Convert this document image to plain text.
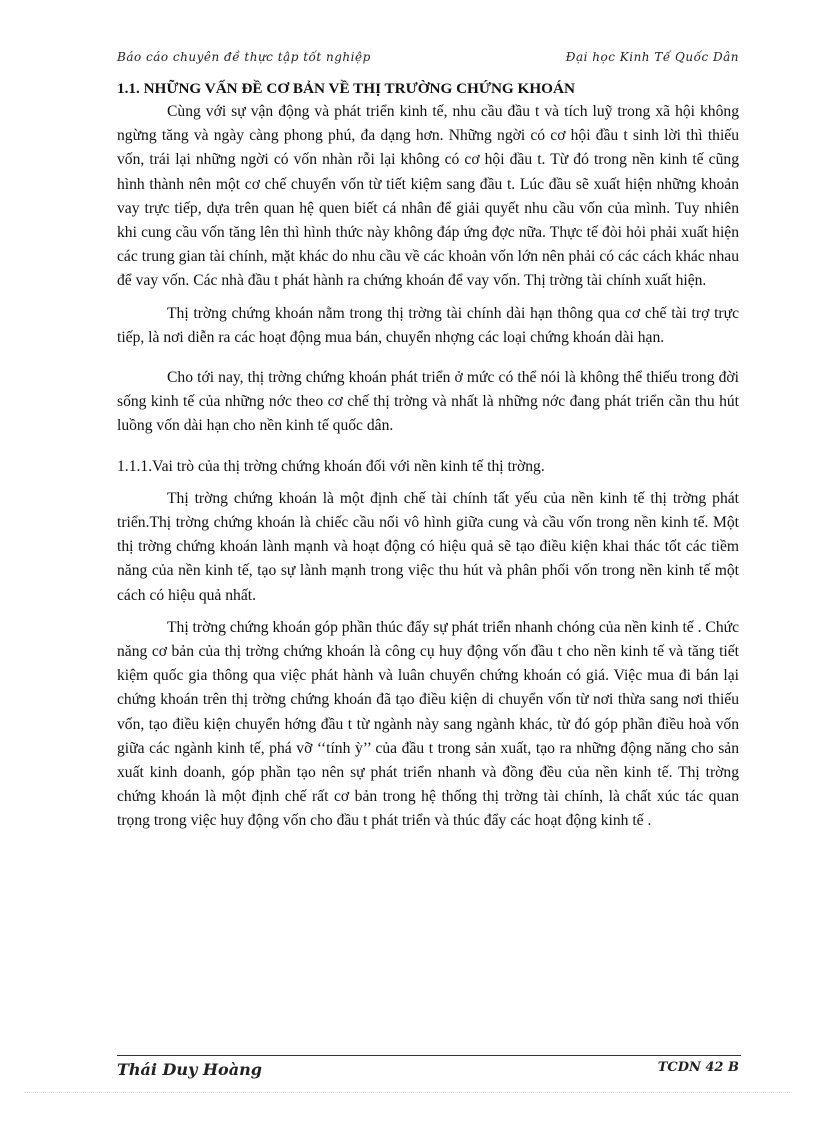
Báo cáo chuyên đề thực tập tốt nghiệp	Đại học Kinh Tế Quốc Dân

1.1. NHỮNG VẤN ĐỀ CƠ BẢN VỀ THỊ TRƯỜNG CHỨNG KHOÁN

Cùng với sự vận động và phát triển kinh tế, nhu cầu đầu t và tích luỹ trong xã hội không ngừng tăng và ngày càng phong phú, đa dạng hơn. Những ngời có cơ hội đầu t sinh lời thì thiếu vốn, trái lại những ngời có vốn nhàn rỗi lại không có cơ hội đầu t. Từ đó trong nền kinh tế cũng hình thành nên một cơ chế chuyển vốn từ tiết kiệm sang đầu t. Lúc đầu sẽ xuất hiện những khoản vay trực tiếp, dựa trên quan hệ quen biết cá nhân để giải quyết nhu cầu vốn của mình. Tuy nhiên khi cung cầu vốn tăng lên thì hình thức này không đáp ứng đợc nữa. Thực tế đòi hỏi phải xuất hiện các trung gian tài chính, mặt khác do nhu cầu về các khoản vốn lớn nên phải có các cách khác nhau để vay vốn. Các nhà đầu t phát hành ra chứng khoán để vay vốn. Thị trờng tài chính xuất hiện.

Thị trờng chứng khoán nằm trong thị trờng tài chính dài hạn thông qua cơ chế tài trợ trực tiếp, là nơi diễn ra các hoạt động mua bán, chuyển nhợng các loại chứng khoán dài hạn.

Cho tới nay, thị trờng chứng khoán phát triển ở mức có thể nói là không thể thiếu trong đời sống kinh tế của những nớc theo cơ chế thị trờng và nhất là những nớc đang phát triển cần thu hút luồng vốn dài hạn cho nền kinh tế quốc dân.

1.1.1.Vai trò của thị trờng chứng khoán đối với nền kinh tế thị trờng.

Thị trờng chứng khoán là một định chế tài chính tất yếu của nền kinh tế thị trờng phát triển.Thị trờng chứng khoán là chiếc cầu nối vô hình giữa cung và cầu vốn trong nền kinh tế. Một thị trờng chứng khoán lành mạnh và hoạt động có hiệu quả sẽ tạo điều kiện khai thác tốt các tiềm năng của nền kinh tế, tạo sự lành mạnh trong việc thu hút và phân phối vốn trong nền kinh tế một cách có hiệu quả nhất.

Thị trờng chứng khoán góp phần thúc đẩy sự phát triển nhanh chóng của nền kinh tế . Chức năng cơ bản của thị trờng chứng khoán là công cụ huy động vốn đầu t cho nền kinh tế và tăng tiết kiệm quốc gia thông qua việc phát hành và luân chuyển chứng khoán có giá. Việc mua đi bán lại chứng khoán trên thị trờng chứng khoán đã tạo điều kiện di chuyển vốn từ nơi thừa sang nơi thiếu vốn, tạo điều kiện chuyển hớng đầu t từ ngành này sang ngành khác, từ đó góp phần điều hoà vốn giữa các ngành kinh tế, phá vỡ ‘‘tính ỳ’’ của đầu t trong sản xuất, tạo ra những động năng cho sản xuất kinh doanh, góp phần tạo nên sự phát triển nhanh và đồng đều của nền kinh tế. Thị trờng chứng khoán là một định chế rất cơ bản trong hệ thống thị trờng tài chính, là chất xúc tác quan trọng trong việc huy động vốn cho đầu t phát triển và thúc đẩy các hoạt động kinh tế .

Thái Duy Hoàng	TCDN 42 B
